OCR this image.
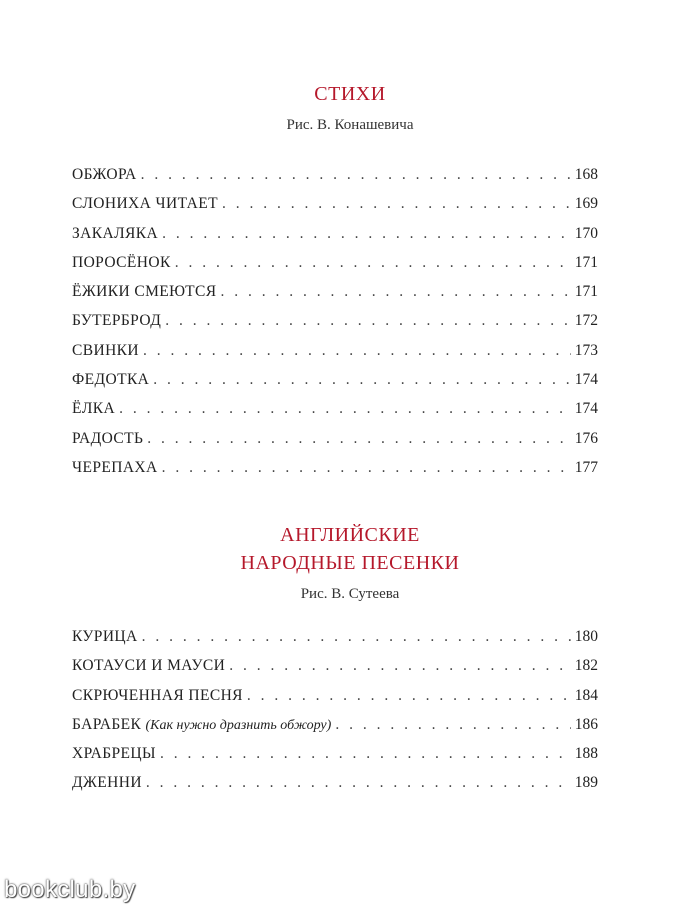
СТИХИ
Рис. В. Конашевича
ОБЖОРА . . .	168
СЛОНИХА ЧИТАЕТ . . .	169
ЗАКАЛЯКА . . .	170
ПОРОСЁНОК . . .	171
ЁЖИКИ СМЕЮТСЯ . . .	171
БУТЕРБРОД . . .	172
СВИНКИ . . .	173
ФЕДОТКА . . .	174
ЁЛКА . . .	174
РАДОСТЬ . . .	176
ЧЕРЕПАХА . . .	177
АНГЛИЙСКИЕ
НАРОДНЫЕ ПЕСЕНКИ
Рис. В. Сутеева
КУРИЦА . . .	180
КОТАУСИ И МАУСИ . . .	182
СКРЮЧЕННАЯ ПЕСНЯ . . .	184
БАРАБЕК (Как нужно дразнить обжору) . . .	186
ХРАБРЕЦЫ . . .	188
ДЖЕННИ . . .	189
bookclub.by
